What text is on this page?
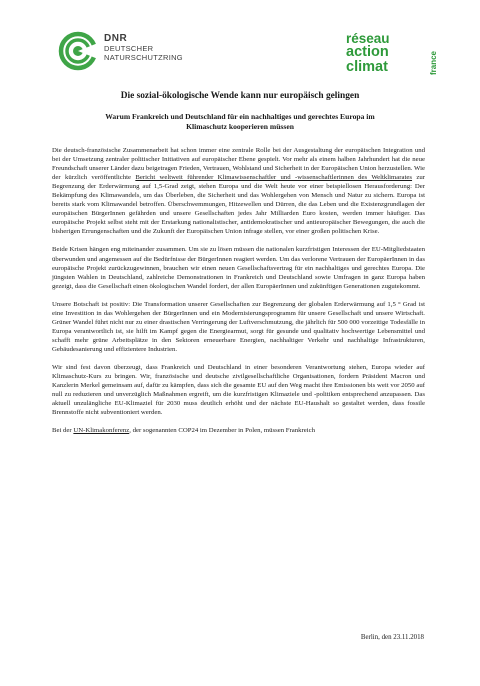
DNR
DEUTSCHER
NATURSCHUTZRING
réseau
action
climat	france
Die sozial-ökologische Wende kann nur europäisch gelingen
Warum Frankreich und Deutschland für ein nachhaltiges und gerechtes Europa im
Klimaschutz kooperieren müssen

Die deutsch-französische Zusammenarbeit hat schon immer eine zentrale Rolle bei der Ausgestaltung der europäischen Integration und bei der Umsetzung zentraler politischer Initiativen auf europäischer Ebene gespielt. Vor mehr als einem halben Jahrhundert hat die neue Freundschaft unserer Länder dazu beigetragen Frieden, Vertrauen, Wohlstand und Sicherheit in der Europäischen Union herzustellen. Wie der kürzlich veröffentlichte Bericht weltweit führender Klimawissenschaftler und -wissenschaftlerinnen des Weltklimarates zur Begrenzung der Erderwärmung auf 1,5-Grad zeigt, stehen Europa und die Welt heute vor einer beispiellosen Herausforderung: Der Bekämpfung des Klimawandels, um das Überleben, die Sicherheit und das Wohlergehen von Mensch und Natur zu sichern. Europa ist bereits stark vom Klimawandel betroffen. Überschwemmungen, Hitzewellen und Dürren, die das Leben und die Existenzgrundlagen der europäischen BürgerInnen gefährden und unsere Gesellschaften jedes Jahr Milliarden Euro kosten, werden immer häufiger. Das europäische Projekt selbst steht mit der Erstarkung nationalistischer, antidemokratischer und antieuropäischer Bewegungen, die auch die bisherigen Errungenschaften und die Zukunft der Europäischen Union infrage stellen, vor einer großen politischen Krise.

Beide Krisen hängen eng miteinander zusammen. Um sie zu lösen müssen die nationalen kurzfristigen Interessen der EU-Mitgliedstaaten überwunden und angemessen auf die Bedürfnisse der BürgerInnen reagiert werden. Um das verlorene Vertrauen der EuropäerInnen in das europäische Projekt zurückzugewinnen, brauchen wir einen neuen Gesellschaftsvertrag für ein nachhaltiges und gerechtes Europa. Die jüngsten Wahlen in Deutschland, zahlreiche Demonstrationen in Frankreich und Deutschland sowie Umfragen in ganz Europa haben gezeigt, dass die Gesellschaft einen ökologischen Wandel fordert, der allen EuropäerInnen und zukünftigen Generationen zugutekommt.

Unsere Botschaft ist positiv: Die Transformation unserer Gesellschaften zur Begrenzung der globalen Erderwärmung auf 1,5 ° Grad ist eine Investition in das Wohlergehen der BürgerInnen und ein Modernisierungsprogramm für unsere Gesellschaft und unsere Wirtschaft. Grüner Wandel führt nicht nur zu einer drastischen Verringerung der Luftverschmutzung, die jährlich für 500 000 vorzeitige Todesfälle in Europa verantwortlich ist, sie hilft im Kampf gegen die Energiearmut, sorgt für gesunde und qualitativ hochwertige Lebensmittel und schafft mehr grüne Arbeitsplätze in den Sektoren erneuerbare Energien, nachhaltiger Verkehr und nachhaltige Infrastrukturen, Gebäudesanierung und effizientere Industrien.

Wir sind fest davon überzeugt, dass Frankreich und Deutschland in einer besonderen Verantwortung stehen, Europa wieder auf Klimaschutz-Kurs zu bringen. Wir, französische und deutsche zivilgesellschaftliche Organisationen, fordern Präsident Macron und Kanzlerin Merkel gemeinsam auf, dafür zu kämpfen, dass sich die gesamte EU auf den Weg macht ihre Emissionen bis weit vor 2050 auf null zu reduzieren und unverzüglich Maßnahmen ergreift, um die kurzfristigen Klimaziele und -politiken entsprechend anzupassen. Das aktuell unzulängliche EU-Klimaziel für 2030 muss deutlich erhöht und der nächste EU-Haushalt so gestaltet werden, dass fossile Brennstoffe nicht subventioniert werden.

Bei der UN-Klimakonferenz, der sogenannten COP24 im Dezember in Polen, müssen Frankreich

Berlin, den 23.11.2018
